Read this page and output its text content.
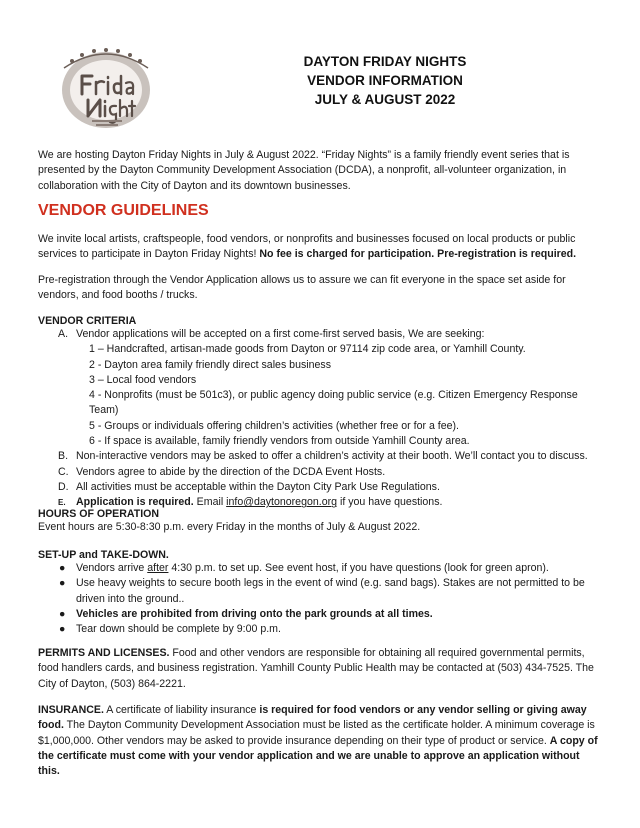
DAYTON FRIDAY NIGHTS
VENDOR INFORMATION
JULY & AUGUST 2022
We are hosting Dayton Friday Nights in July & August 2022. “Friday Nights” is a family friendly event series that is presented by the Dayton Community Development Association (DCDA), a nonprofit, all-volunteer organization, in collaboration with the City of Dayton and its downtown businesses.
VENDOR GUIDELINES
We invite local artists, craftspeople, food vendors, or nonprofits and businesses focused on local products or public services to participate in Dayton Friday Nights! No fee is charged for participation. Pre-registration is required.
Pre-registration through the Vendor Application allows us to assure we can fit everyone in the space set aside for vendors, and food booths / trucks.
VENDOR CRITERIA
A. Vendor applications will be accepted on a first come-first served basis, We are seeking:
1 – Handcrafted, artisan-made goods from Dayton or 97114 zip code area, or Yamhill County.
2 - Dayton area family friendly direct sales business
3 – Local food vendors
4 - Nonprofits (must be 501c3), or public agency doing public service (e.g. Citizen Emergency Response Team)
5 - Groups or individuals offering children’s activities (whether free or for a fee).
6 - If space is available, family friendly vendors from outside Yamhill County area.
B. Non-interactive vendors may be asked to offer a children’s activity at their booth. We’ll contact you to discuss.
C. Vendors agree to abide by the direction of the DCDA Event Hosts.
D. All activities must be acceptable within the Dayton City Park Use Regulations.
E. Application is required. Email info@daytonoregon.org if you have questions.
HOURS OF OPERATION
Event hours are 5:30-8:30 p.m. every Friday in the months of July & August 2022.
SET-UP and TAKE-DOWN.
● Vendors arrive after 4:30 p.m. to set up. See event host, if you have questions (look for green apron).
● Use heavy weights to secure booth legs in the event of wind (e.g. sand bags). Stakes are not permitted to be driven into the ground..
● Vehicles are prohibited from driving onto the park grounds at all times.
● Tear down should be complete by 9:00 p.m.
PERMITS AND LICENSES. Food and other vendors are responsible for obtaining all required governmental permits, food handlers cards, and business registration. Yamhill County Public Health may be contacted at (503) 434-7525. The City of Dayton, (503) 864-2221.
INSURANCE. A certificate of liability insurance is required for food vendors or any vendor selling or giving away food. The Dayton Community Development Association must be listed as the certificate holder. A minimum coverage is $1,000,000. Other vendors may be asked to provide insurance depending on their type of product or service. A copy of the certificate must come with your vendor application and we are unable to approve an application without this.
